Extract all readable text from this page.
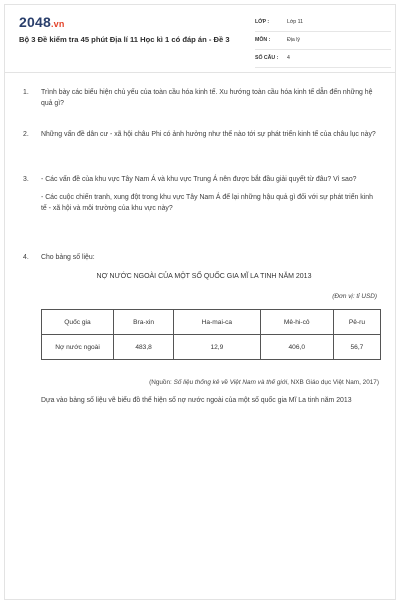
2048.vn
Bộ 3 Đề kiểm tra 45 phút Địa lí 11 Học kì 1 có đáp án - Đề 3
LỚP :	Lớp 11
MÔN :	Địa lý
SỐ CÂU : 4
1. Trình bày các biểu hiện chủ yếu của toàn cầu hóa kinh tế. Xu hướng toàn cầu hóa kinh tế dẫn đến những hệ quả gì?

2. Những vấn đề dân cư - xã hội châu Phi có ảnh hưởng như thế nào tới sự phát triển kinh tế của châu lục này?

3. - Các vấn đề của khu vực Tây Nam Á và khu vực Trung Á nên được bắt đầu giải quyết từ đâu? Vì sao?

- Các cuộc chiến tranh, xung đột trong khu vực Tây Nam Á để lại những hậu quả gì đối với sự phát triển kinh tế - xã hội và môi trường của khu vực này?

4. Cho bảng số liệu:

NỢ NƯỚC NGOÀI CỦA MỘT SỐ QUỐC GIA MĨ LA TINH NĂM 2013
(Đơn vị: tỉ USD)
Quốc gia	Bra-xin	Ha-mai-ca	Mê-hi-cô	Pê-ru
Nợ nước ngoài	483,8	12,9	406,0	56,7
(Nguồn: Số liệu thống kê về Việt Nam và thế giới, NXB Giáo dục Việt Nam, 2017)
Dựa vào bảng số liệu vẽ biểu đồ thể hiện số nợ nước ngoài của một số quốc gia Mĩ La tinh năm 2013
